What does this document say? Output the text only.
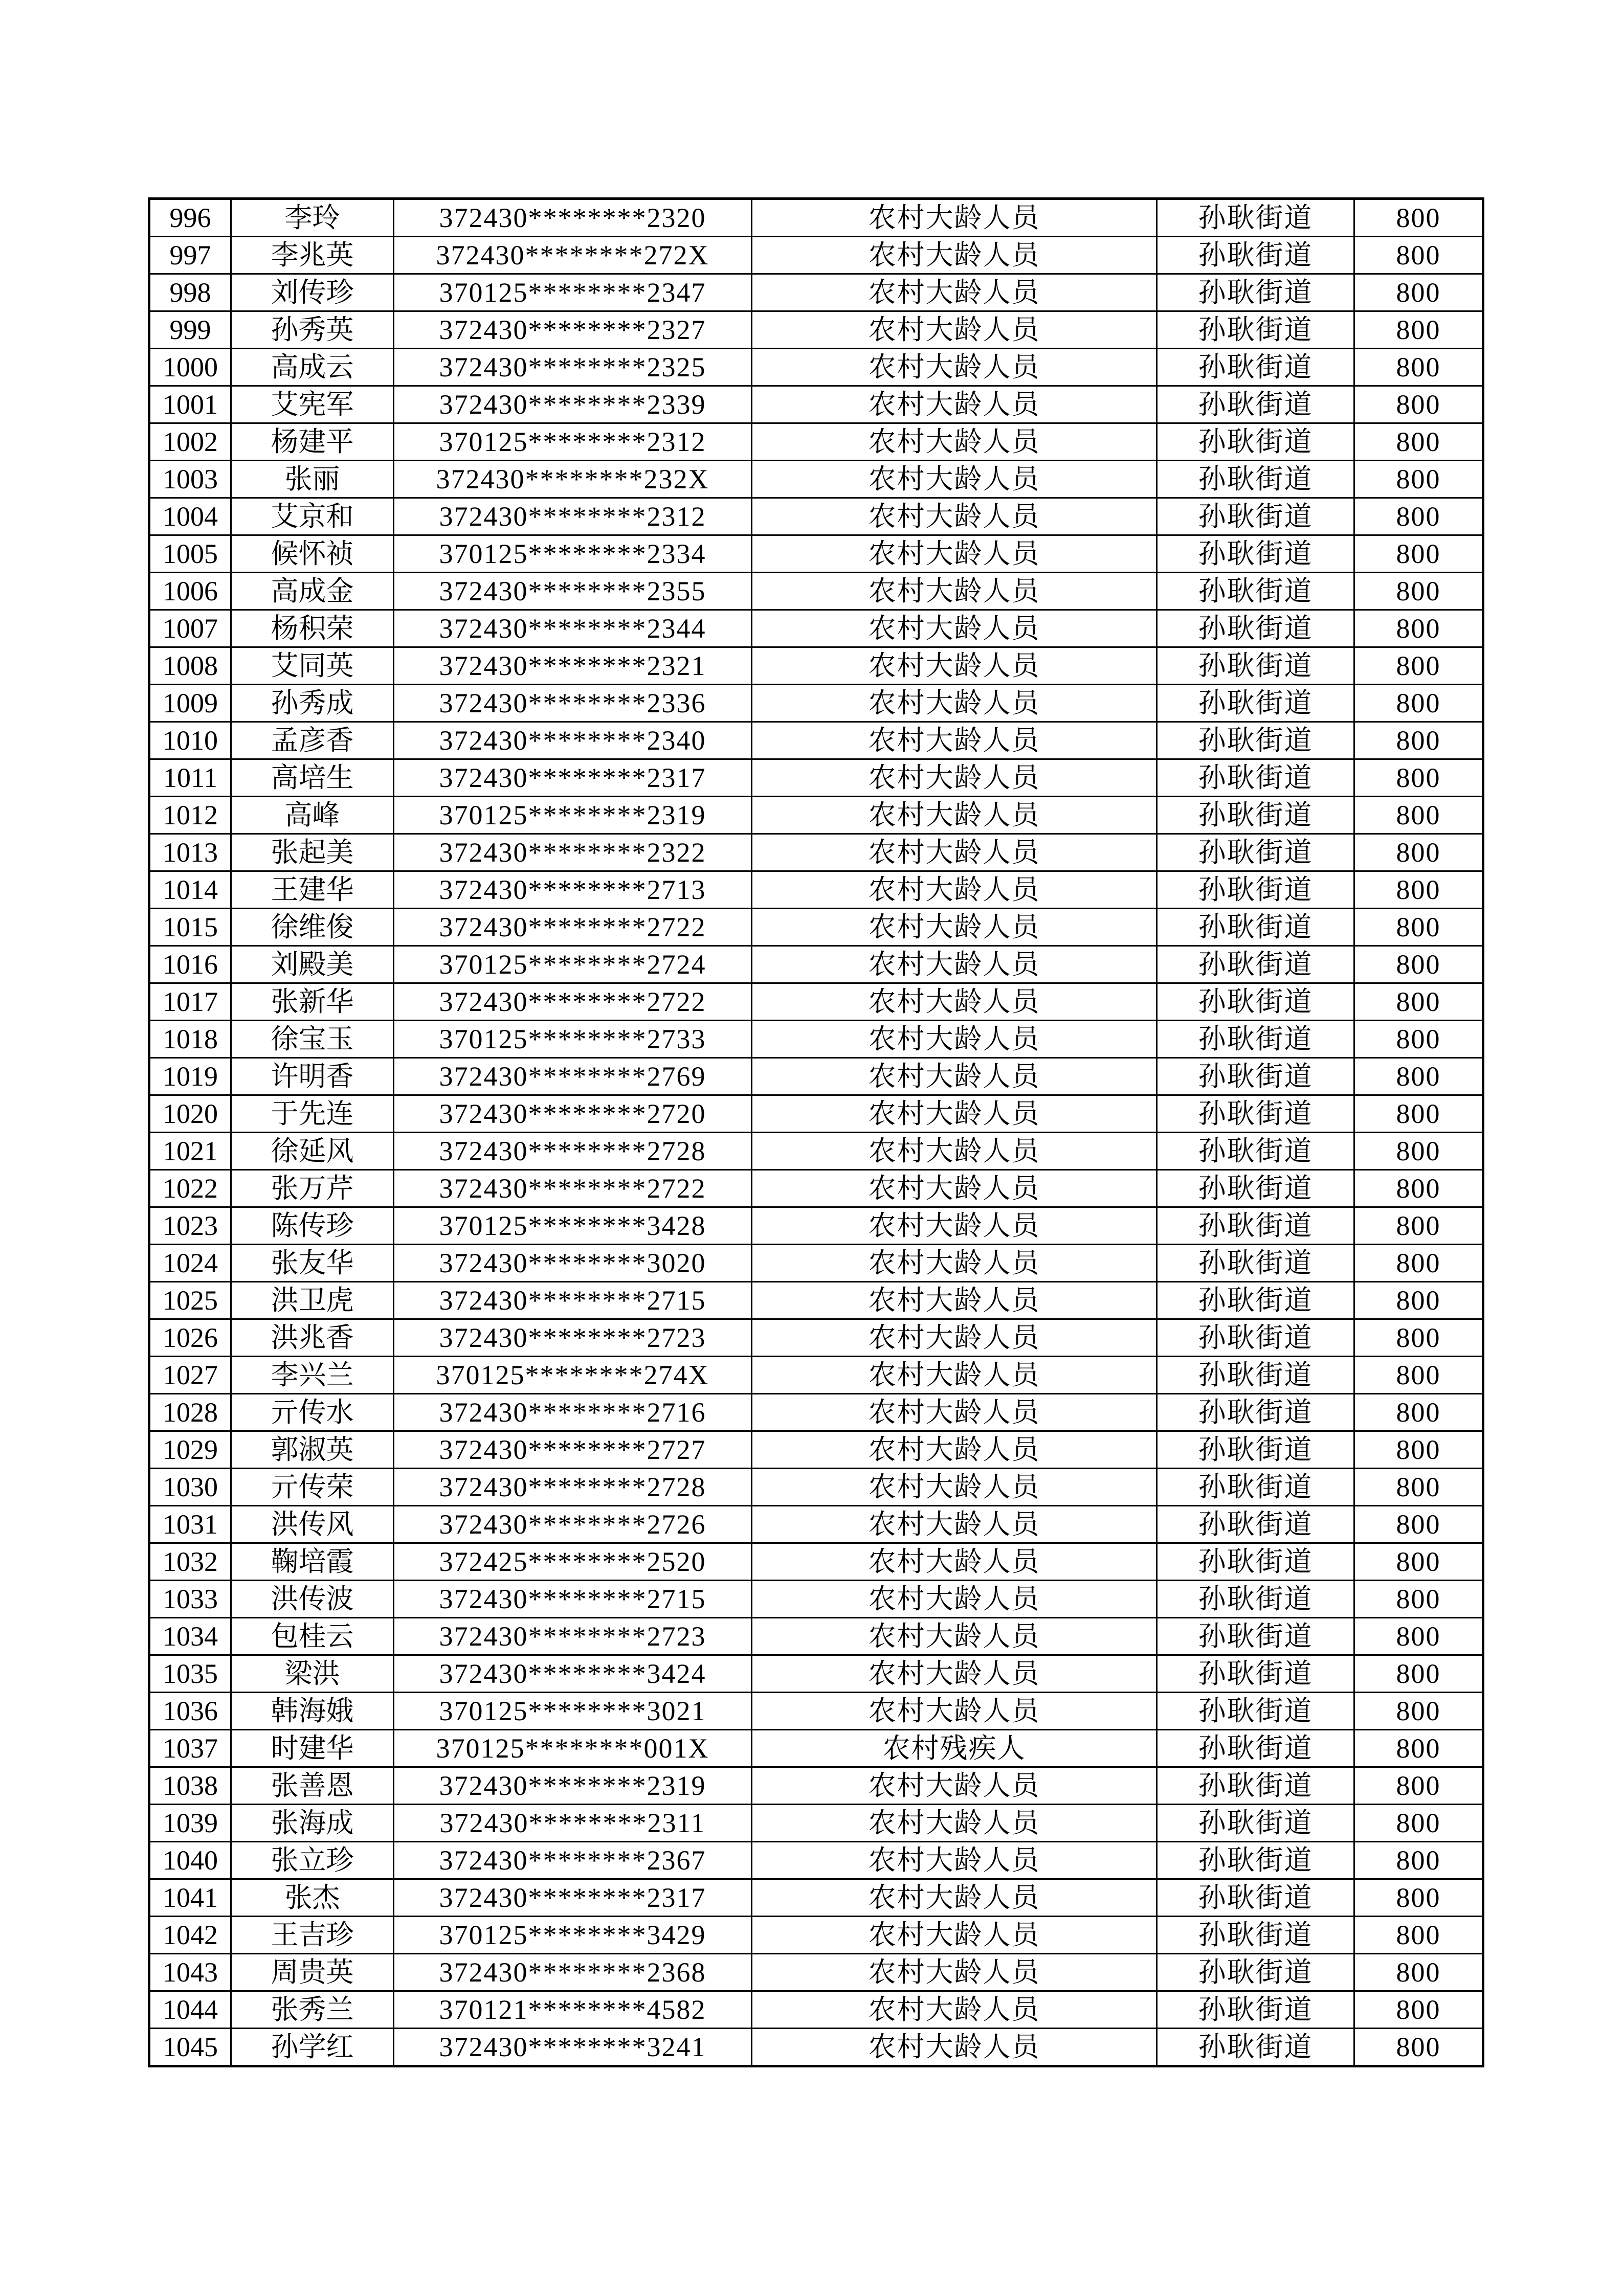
996	李玲	372430********2320	农村大龄人员	孙耿街道	800
997	李兆英	372430********272X	农村大龄人员	孙耿街道	800
998	刘传珍	370125********2347	农村大龄人员	孙耿街道	800
999	孙秀英	372430********2327	农村大龄人员	孙耿街道	800
1000	高成云	372430********2325	农村大龄人员	孙耿街道	800
1001	艾宪军	372430********2339	农村大龄人员	孙耿街道	800
1002	杨建平	370125********2312	农村大龄人员	孙耿街道	800
1003	张丽	372430********232X	农村大龄人员	孙耿街道	800
1004	艾京和	372430********2312	农村大龄人员	孙耿街道	800
1005	候怀祯	370125********2334	农村大龄人员	孙耿街道	800
1006	高成金	372430********2355	农村大龄人员	孙耿街道	800
1007	杨积荣	372430********2344	农村大龄人员	孙耿街道	800
1008	艾同英	372430********2321	农村大龄人员	孙耿街道	800
1009	孙秀成	372430********2336	农村大龄人员	孙耿街道	800
1010	孟彦香	372430********2340	农村大龄人员	孙耿街道	800
1011	高培生	372430********2317	农村大龄人员	孙耿街道	800
1012	高峰	370125********2319	农村大龄人员	孙耿街道	800
1013	张起美	372430********2322	农村大龄人员	孙耿街道	800
1014	王建华	372430********2713	农村大龄人员	孙耿街道	800
1015	徐维俊	372430********2722	农村大龄人员	孙耿街道	800
1016	刘殿美	370125********2724	农村大龄人员	孙耿街道	800
1017	张新华	372430********2722	农村大龄人员	孙耿街道	800
1018	徐宝玉	370125********2733	农村大龄人员	孙耿街道	800
1019	许明香	372430********2769	农村大龄人员	孙耿街道	800
1020	于先连	372430********2720	农村大龄人员	孙耿街道	800
1021	徐延风	372430********2728	农村大龄人员	孙耿街道	800
1022	张万芹	372430********2722	农村大龄人员	孙耿街道	800
1023	陈传珍	370125********3428	农村大龄人员	孙耿街道	800
1024	张友华	372430********3020	农村大龄人员	孙耿街道	800
1025	洪卫虎	372430********2715	农村大龄人员	孙耿街道	800
1026	洪兆香	372430********2723	农村大龄人员	孙耿街道	800
1027	李兴兰	370125********274X	农村大龄人员	孙耿街道	800
1028	亓传水	372430********2716	农村大龄人员	孙耿街道	800
1029	郭淑英	372430********2727	农村大龄人员	孙耿街道	800
1030	亓传荣	372430********2728	农村大龄人员	孙耿街道	800
1031	洪传风	372430********2726	农村大龄人员	孙耿街道	800
1032	鞠培霞	372425********2520	农村大龄人员	孙耿街道	800
1033	洪传波	372430********2715	农村大龄人员	孙耿街道	800
1034	包桂云	372430********2723	农村大龄人员	孙耿街道	800
1035	梁洪	372430********3424	农村大龄人员	孙耿街道	800
1036	韩海娥	370125********3021	农村大龄人员	孙耿街道	800
1037	时建华	370125********001X	农村残疾人	孙耿街道	800
1038	张善恩	372430********2319	农村大龄人员	孙耿街道	800
1039	张海成	372430********2311	农村大龄人员	孙耿街道	800
1040	张立珍	372430********2367	农村大龄人员	孙耿街道	800
1041	张杰	372430********2317	农村大龄人员	孙耿街道	800
1042	王吉珍	370125********3429	农村大龄人员	孙耿街道	800
1043	周贵英	372430********2368	农村大龄人员	孙耿街道	800
1044	张秀兰	370121********4582	农村大龄人员	孙耿街道	800
1045	孙学红	372430********3241	农村大龄人员	孙耿街道	800
